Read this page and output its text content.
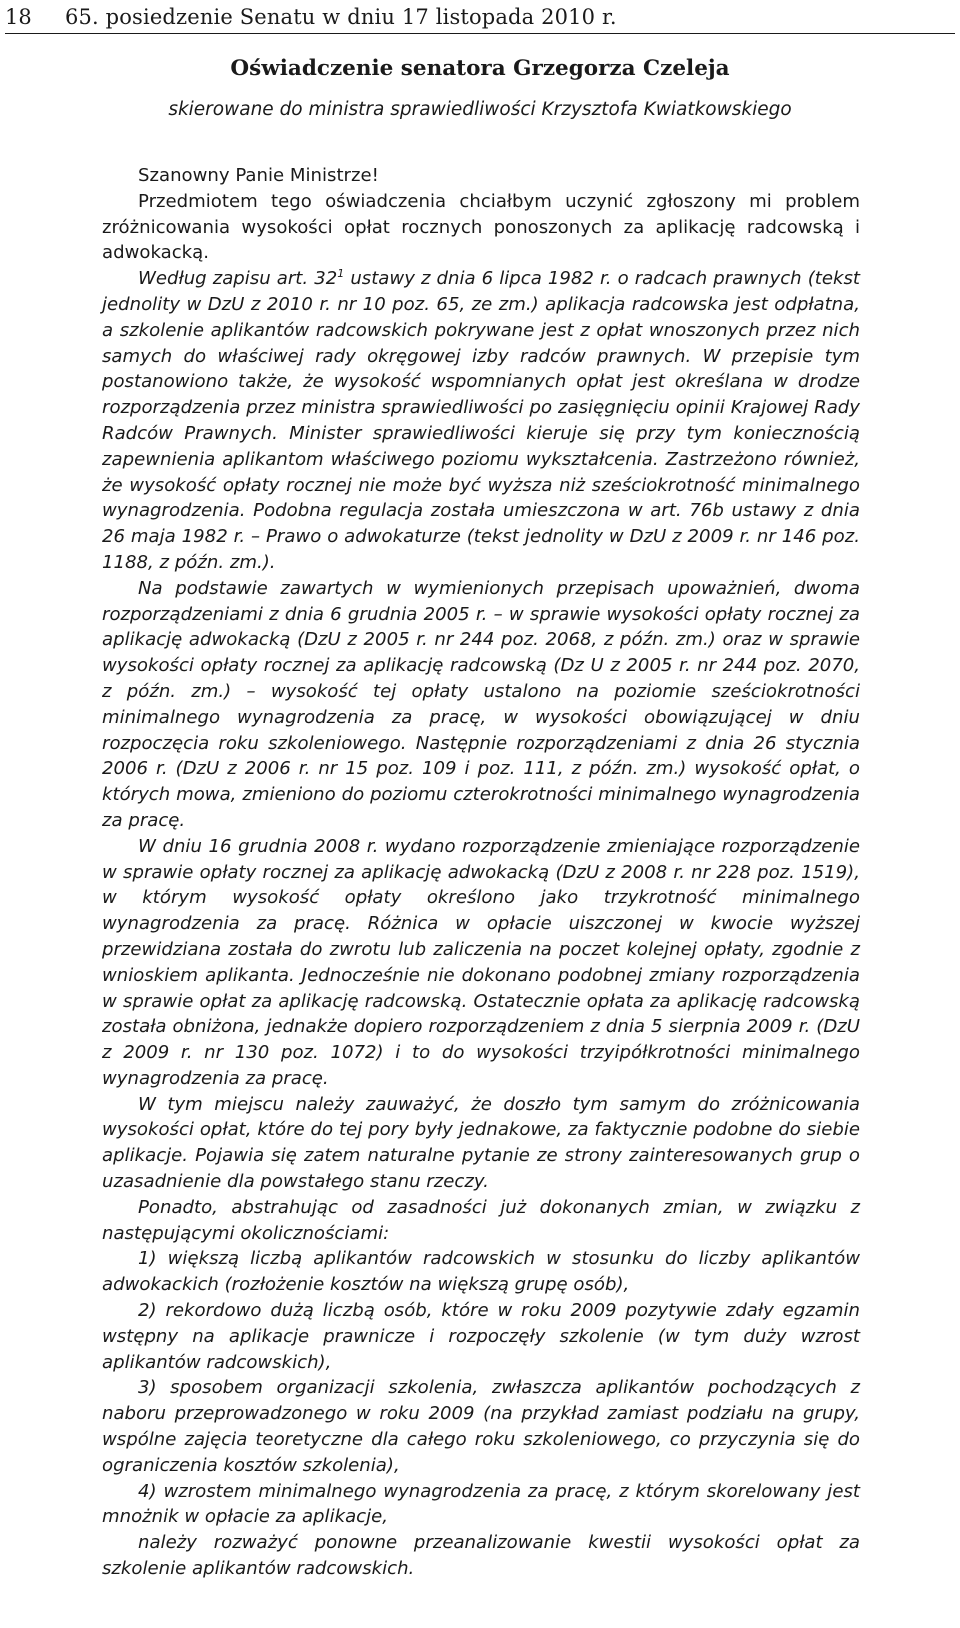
18 65. posiedzenie Senatu w dniu 17 listopada 2010 r.
Oświadczenie senatora Grzegorza Czeleja
skierowane do ministra sprawiedliwości Krzysztofa Kwiatkowskiego

Szanowny Panie Ministrze!

Przedmiotem tego oświadczenia chciałbym uczynić zgłoszony mi problem zróżnicowania wysokości opłat rocznych ponoszonych za aplikację radcowską i adwokacką.

Według zapisu art. $32^1$ ustawy z dnia 6 lipca 1982 r. o radcach prawnych (tekst jednolity w DzU z 2010 r. nr 10 poz. 65, ze zm.) aplikacja radcowska jest odpłatna, a szkolenie aplikantów radcowskich pokrywane jest z opłat wnoszonych przez nich samych do właściwej rady okręgowej izby radców prawnych. W przepisie tym postanowiono także, że wysokość wspomnianych opłat jest określana w drodze rozporządzenia przez ministra sprawiedliwości po zasięgnięciu opinii Krajowej Rady Radców Prawnych. Minister sprawiedliwości kieruje się przy tym koniecznością zapewnienia aplikantom właściwego poziomu wykształcenia. Zastrzeżono również, że wysokość opłaty rocznej nie może być wyższa niż sześciokrotność minimalnego wynagrodzenia. Podobna regulacja została umieszczona w art. 76b ustawy z dnia 26 maja 1982 r. – Prawo o adwokaturze (tekst jednolity w DzU z 2009 r. nr 146 poz. 1188, z późn. zm.).

Na podstawie zawartych w wymienionych przepisach upoważnień, dwoma rozporządzeniami z dnia 6 grudnia 2005 r. – w sprawie wysokości opłaty rocznej za aplikację adwokacką (DzU z 2005 r. nr 244 poz. 2068, z późn. zm.) oraz w sprawie wysokości opłaty rocznej za aplikację radcowską (Dz U z 2005 r. nr 244 poz. 2070, z późn. zm.) – wysokość tej opłaty ustalono na poziomie sześciokrotności minimalnego wynagrodzenia za pracę, w wysokości obowiązującej w dniu rozpoczęcia roku szkoleniowego. Następnie rozporządzeniami z dnia 26 stycznia 2006 r. (DzU z 2006 r. nr 15 poz. 109 i poz. 111, z późn. zm.) wysokość opłat, o których mowa, zmieniono do poziomu czterokrotności minimalnego wynagrodzenia za pracę.

W dniu 16 grudnia 2008 r. wydano rozporządzenie zmieniające rozporządzenie w sprawie opłaty rocznej za aplikację adwokacką (DzU z 2008 r. nr 228 poz. 1519), w którym wysokość opłaty określono jako trzykrotność minimalnego wynagrodzenia za pracę. Różnica w opłacie uiszczonej w kwocie wyższej przewidziana została do zwrotu lub zaliczenia na poczet kolejnej opłaty, zgodnie z wnioskiem aplikanta. Jednocześnie nie dokonano podobnej zmiany rozporządzenia w sprawie opłat za aplikację radcowską. Ostatecznie opłata za aplikację radcowską została obniżona, jednakże dopiero rozporządzeniem z dnia 5 sierpnia 2009 r. (DzU z 2009 r. nr 130 poz. 1072) i to do wysokości trzyipółkrotności minimalnego wynagrodzenia za pracę.

W tym miejscu należy zauważyć, że doszło tym samym do zróżnicowania wysokości opłat, które do tej pory były jednakowe, za faktycznie podobne do siebie aplikacje. Pojawia się zatem naturalne pytanie ze strony zainteresowanych grup o uzasadnienie dla powstałego stanu rzeczy.

Ponadto, abstrahując od zasadności już dokonanych zmian, w związku z następującymi okolicznościami:

1) większą liczbą aplikantów radcowskich w stosunku do liczby aplikantów adwokackich (rozłożenie kosztów na większą grupę osób),

2) rekordowo dużą liczbą osób, które w roku 2009 pozytywie zdały egzamin wstępny na aplikacje prawnicze i rozpoczęły szkolenie (w tym duży wzrost aplikantów radcowskich),

3) sposobem organizacji szkolenia, zwłaszcza aplikantów pochodzących z naboru przeprowadzonego w roku 2009 (na przykład zamiast podziału na grupy, wspólne zajęcia teoretyczne dla całego roku szkoleniowego, co przyczynia się do ograniczenia kosztów szkolenia),

4) wzrostem minimalnego wynagrodzenia za pracę, z którym skorelowany jest mnożnik w opłacie za aplikacje,

należy rozważyć ponowne przeanalizowanie kwestii wysokości opłat za szkolenie aplikantów radcowskich.
